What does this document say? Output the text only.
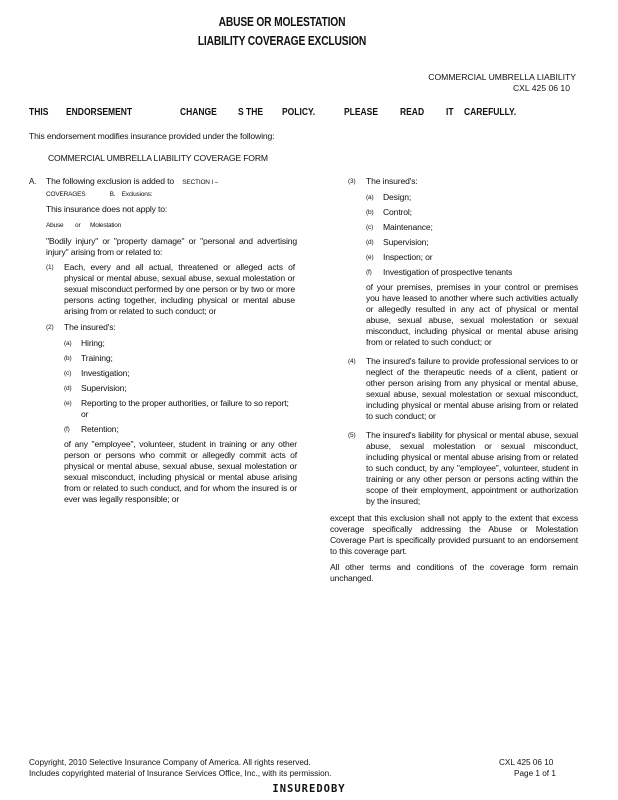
ABUSE OR MOLESTATION
LIABILITY COVERAGE EXCLUSION
COMMERCIAL UMBRELLA LIABILITY
CXL 425 06 10
THIS	ENDORSEMENT	CHANGE	S THE	POLICY.	PLEASE	READ	IT	CAREFULLY.
This endorsement modifies insurance provided under the following:
COMMERCIAL UMBRELLA LIABILITY COVERAGE FORM
A. The following exclusion is added to SECTION I –
COVERAGES	B. Exclusions:
This insurance does not apply to:
Abuse or Molestation
"Bodily injury" or "property damage" or "personal and advertising injury" arising from or related to:
(1) Each, every and all actual, threatened or alleged acts of physical or mental abuse, sexual abuse, sexual molestation or sexual misconduct performed by one person or by two or more persons acting together, including physical or mental abuse arising from or related to such conduct; or
(2) The insured's:
(a) Hiring;
(b) Training;
(c) Investigation;
(d) Supervision;
(e) Reporting to the proper authorities, or failure to so report; or
(f) Retention;
of any "employee", volunteer, student in training or any other person or persons who commit or allegedly commit acts of physical or mental abuse, sexual abuse, sexual molestation or sexual misconduct, including physical or mental abuse arising from or related to such conduct, and for whom the insured is or ever was legally responsible; or
(3) The insured's:
(a) Design;
(b) Control;
(c) Maintenance;
(d) Supervision;
(e) Inspection; or
(f) Investigation of prospective tenants
of your premises, premises in your control or premises you have leased to another where such activities actually or allegedly resulted in any act of physical or mental abuse, sexual abuse, sexual molestation or sexual misconduct, including physical or mental abuse arising from or related to such conduct; or
(4) The insured's failure to provide professional services to or neglect of the therapeutic needs of a client, patient or other person arising from any physical or mental abuse, sexual abuse, sexual molestation or sexual misconduct, including physical or mental abuse arising from or related to such conduct; or
(5) The insured's liability for physical or mental abuse, sexual abuse, sexual molestation or sexual misconduct, including physical or mental abuse arising from or related to such conduct, by any "employee", volunteer, student in training or any other person or persons acting within the scope of their employment, appointment or authorization by the insured;
except that this exclusion shall not apply to the extent that excess coverage specifically addressing the Abuse or Molestation Coverage Part is specifically provided pursuant to an endorsement to this coverage part.
All other terms and conditions of the coverage form remain unchanged.
Copyright, 2010 Selective Insurance Company of America. All rights reserved.
Includes copyrighted material of Insurance Services Office, Inc., with its permission.
CXL 425 06 10
Page 1 of 1
INSUREDOBY
